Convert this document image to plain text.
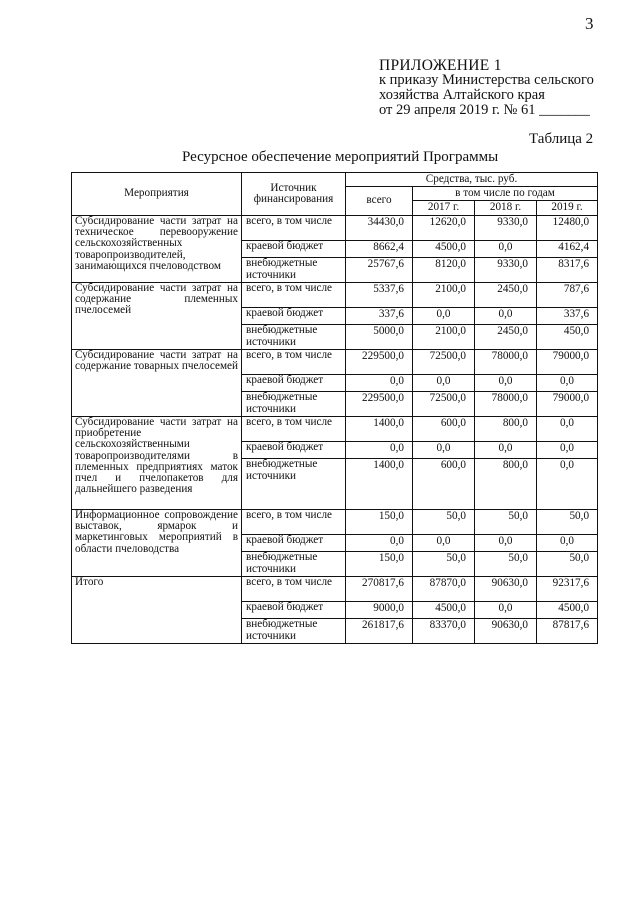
3
ПРИЛОЖЕНИЕ 1
к приказу Министерства сельского
хозяйства Алтайского края
от 29 апреля 2019 г. № 61 _______
Таблица 2
Ресурсное обеспечение мероприятий Программы
Мероприятия	Источник финансирования	Средства, тыс. руб.			
		всего	в том числе по годам		
			2017 г.	2018 г.	2019 г.
Субсидирование части затрат на техническое перевооружение сельскохозяйственных товаропроизводителей, занимающихся пчеловодством	всего, в том числе	34430,0	12620,0	9330,0	12480,0
	краевой бюджет	8662,4	4500,0	0,0	4162,4
	внебюджетные источники	25767,6	8120,0	9330,0	8317,6
Субсидирование части затрат на содержание племенных пчелосемей	всего, в том числе	5337,6	2100,0	2450,0	787,6
	краевой бюджет	337,6	0,0	0,0	337,6
	внебюджетные источники	5000,0	2100,0	2450,0	450,0
Субсидирование части затрат на содержание товарных пчелосемей	всего, в том числе	229500,0	72500,0	78000,0	79000,0
	краевой бюджет	0,0	0,0	0,0	0,0
	внебюджетные источники	229500,0	72500,0	78000,0	79000,0
Субсидирование части затрат на приобретение сельскохозяйственными товаропроизводителями в племенных предприятиях маток пчел и пчелопакетов для дальнейшего разведения	всего, в том числе	1400,0	600,0	800,0	0,0
	краевой бюджет	0,0	0,0	0,0	0,0
	внебюджетные источники	1400,0	600,0	800,0	0,0
Информационное сопровождение выставок, ярмарок и маркетинговых мероприятий в области пчеловодства	всего, в том числе	150,0	50,0	50,0	50,0
	краевой бюджет	0,0	0,0	0,0	0,0
	внебюджетные источники	150,0	50,0	50,0	50,0
Итого	всего, в том числе	270817,6	87870,0	90630,0	92317,6
	краевой бюджет	9000,0	4500,0	0,0	4500,0
	внебюджетные источники	261817,6	83370,0	90630,0	87817,6
